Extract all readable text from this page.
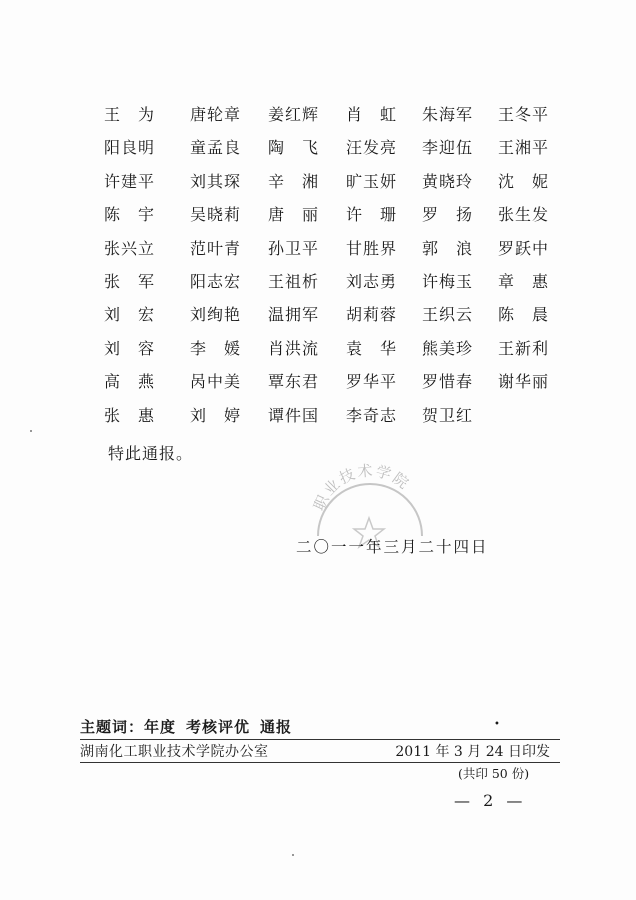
王　为 唐轮章 姜红辉 肖　虹 朱海军 王冬平
阳良明 童孟良 陶　飞 汪发亮 李迎伍 王湘平
许建平 刘其琛 辛　湘 旷玉妍 黄晓玲 沈　妮
陈　宇 吴晓莉 唐　丽 许　珊 罗　扬 张生发
张兴立 范叶青 孙卫平 甘胜界 郭　浪 罗跃中
张　军 阳志宏 王祖析 刘志勇 许梅玉 章　惠
刘　宏 刘绚艳 温拥军 胡莉蓉 王织云 陈　晨
刘　容 李　媛 肖洪流 袁　华 熊美珍 王新利
高　燕 呙中美 覃东君 罗华平 罗惜春 谢华丽
张　惠 刘　婷 谭件国 李奇志 贺卫红
特此通报。
职业技术学院
二〇一一年三月二十四日
主题词：年度 考核评优 通报	•
湖南化工职业技术学院办公室	2011 年 3 月 24 日印发
(共印 50 份)
— 2 —
